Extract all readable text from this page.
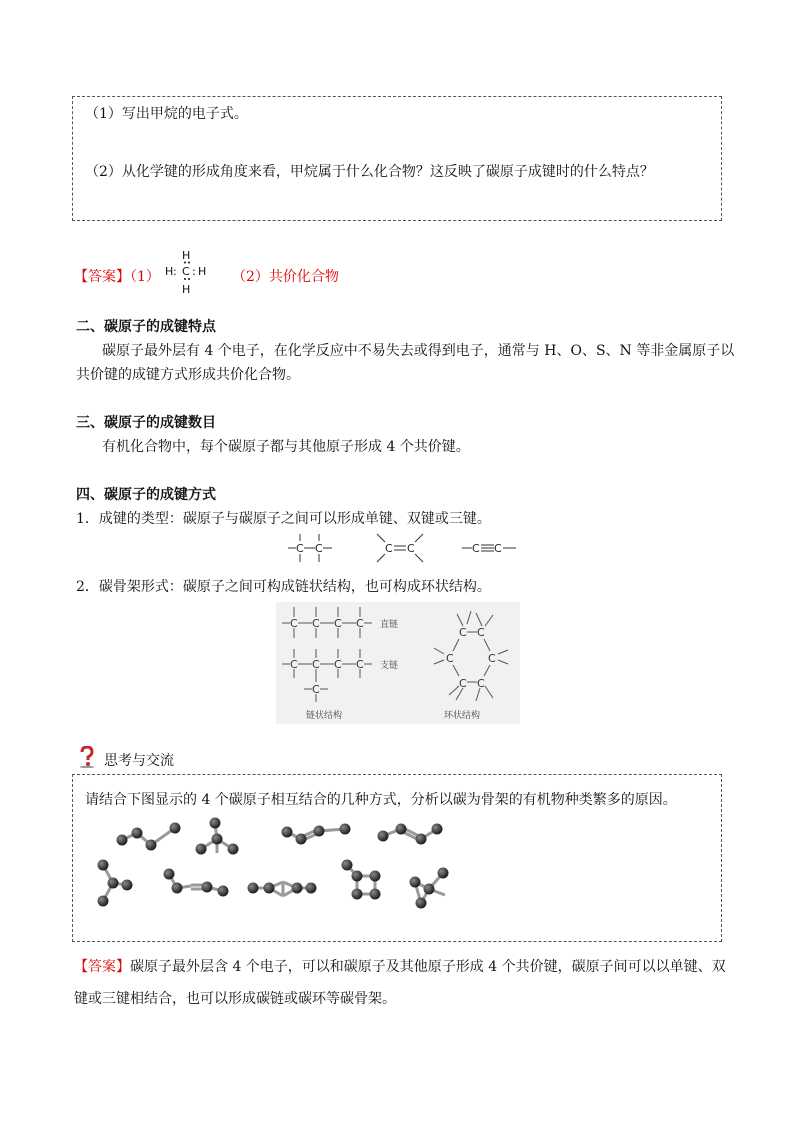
（1）写出甲烷的电子式。
（2）从化学键的形成角度来看，甲烷属于什么化合物？这反映了碳原子成键时的什么特点？
【答案】（1）
H
:
H C : H
H
（2）共价化合物
二、碳原子的成键特点
碳原子最外层有 4 个电子，在化学反应中不易失去或得到电子，通常与 H、O、S、N 等非金属原子以
共价键的成键方式形成共价化合物。
三、碳原子的成键数目
有机化合物中，每个碳原子都与其他原子形成 4 个共价键。
四、碳原子的成键方式
1．成键的类型：碳原子与碳原子之间可以形成单键、双键或三键。
C C	C C	C C
2．碳骨架形式：碳原子之间可构成链状结构，也可构成环状结构。
C C C C 直链
C C C C
C
支链
链状结构
C C
C
C
C
C
环状结构
思考与交流
请结合下图显示的 4 个碳原子相互结合的几种方式，分析以碳为骨架的有机物种类繁多的原因。
【答案】碳原子最外层含 4 个电子，可以和碳原子及其他原子形成 4 个共价键，碳原子间可以以单键、双
键或三键相结合，也可以形成碳链或碳环等碳骨架。
